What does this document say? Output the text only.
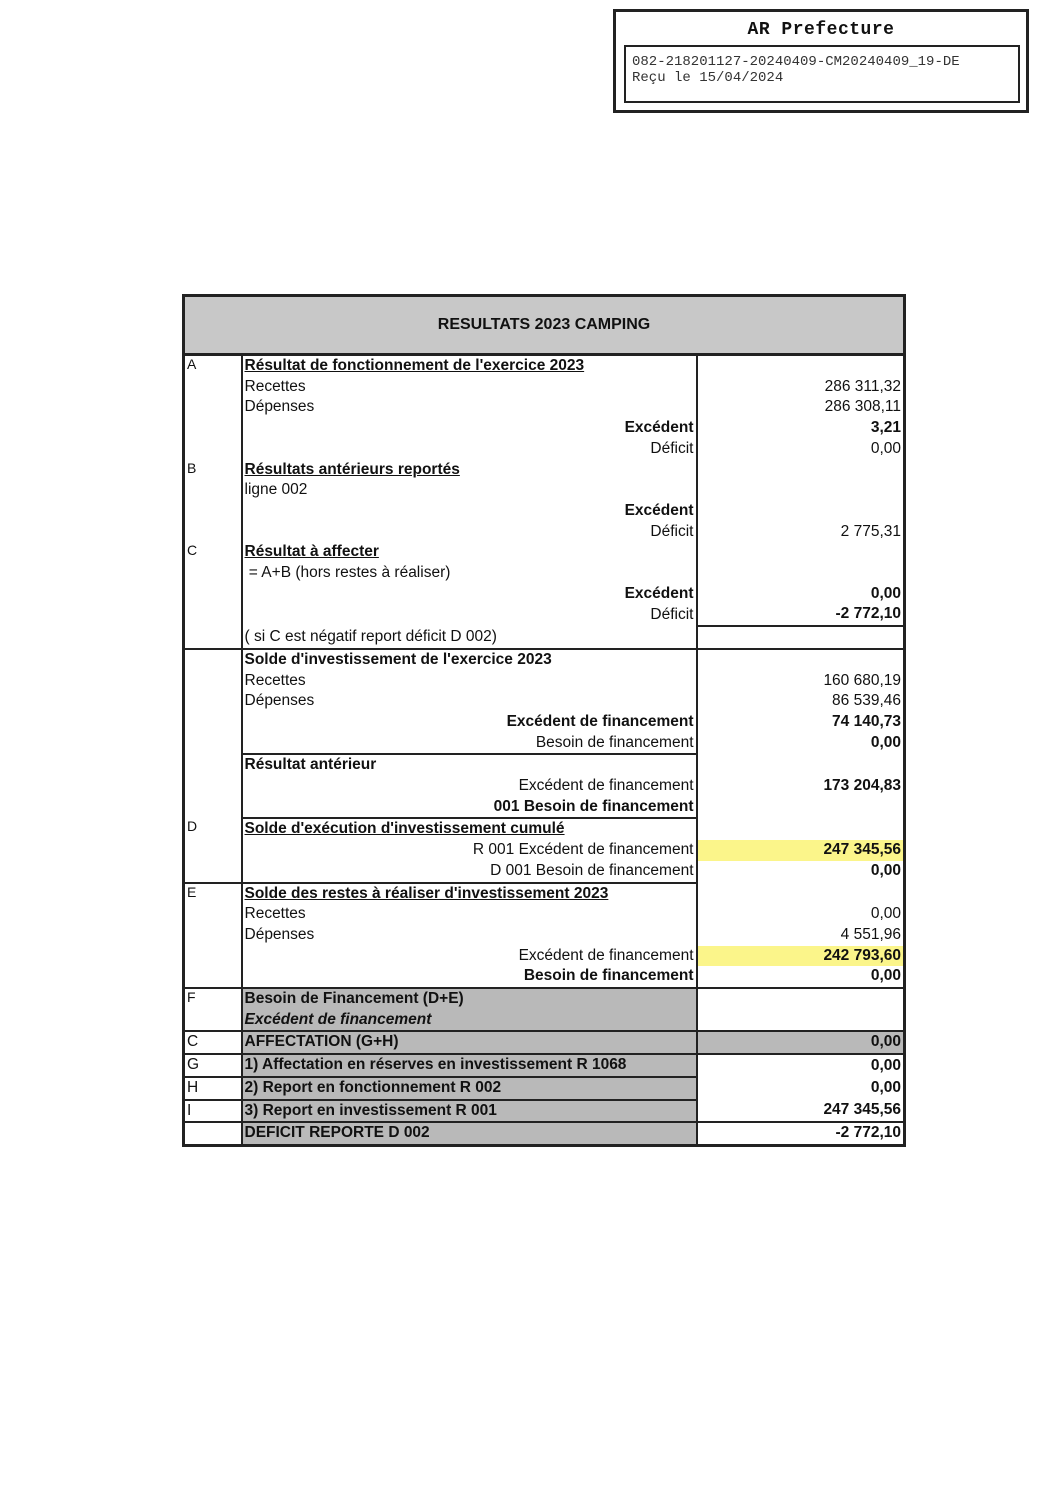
AR Prefecture
082-218201127-20240409-CM20240409_19-DE
Reçu le 15/04/2024
RESULTATS 2023 CAMPING		
A	Résultat de fonctionnement de l'exercice 2023	
	Recettes	286 311,32
	Dépenses	286 308,11
	Excédent	3,21
	Déficit	0,00
B	Résultats antérieurs reportés	
	ligne 002	
	Excédent	
	Déficit	2 775,31
C	Résultat à affecter	
	= A+B (hors restes à réaliser)	
	Excédent	0,00
	Déficit	-2 772,10
	( si C est négatif report déficit D 002)	
	Solde d'investissement de l'exercice 2023	
	Recettes	160 680,19
	Dépenses	86 539,46
	Excédent de financement	74 140,73
	Besoin de financement	0,00
	Résultat antérieur	
	Excédent de financement	173 204,83
	001 Besoin de financement	
D	Solde d'exécution d'investissement cumulé	
	R 001 Excédent de financement	247 345,56
	D 001 Besoin de financement	0,00
E	Solde des restes à réaliser d'investissement 2023	
	Recettes	0,00
	Dépenses	4 551,96
	Excédent de financement	242 793,60
	Besoin de financement	0,00
F	Besoin de Financement (D+E)	
	Excédent de financement	
C	AFFECTATION (G+H)	0,00
G	1) Affectation en réserves en investissement R 1068	0,00
H	2) Report en fonctionnement R 002	0,00
I	3) Report en investissement R 001	247 345,56
	DEFICIT REPORTE D 002	-2 772,10
